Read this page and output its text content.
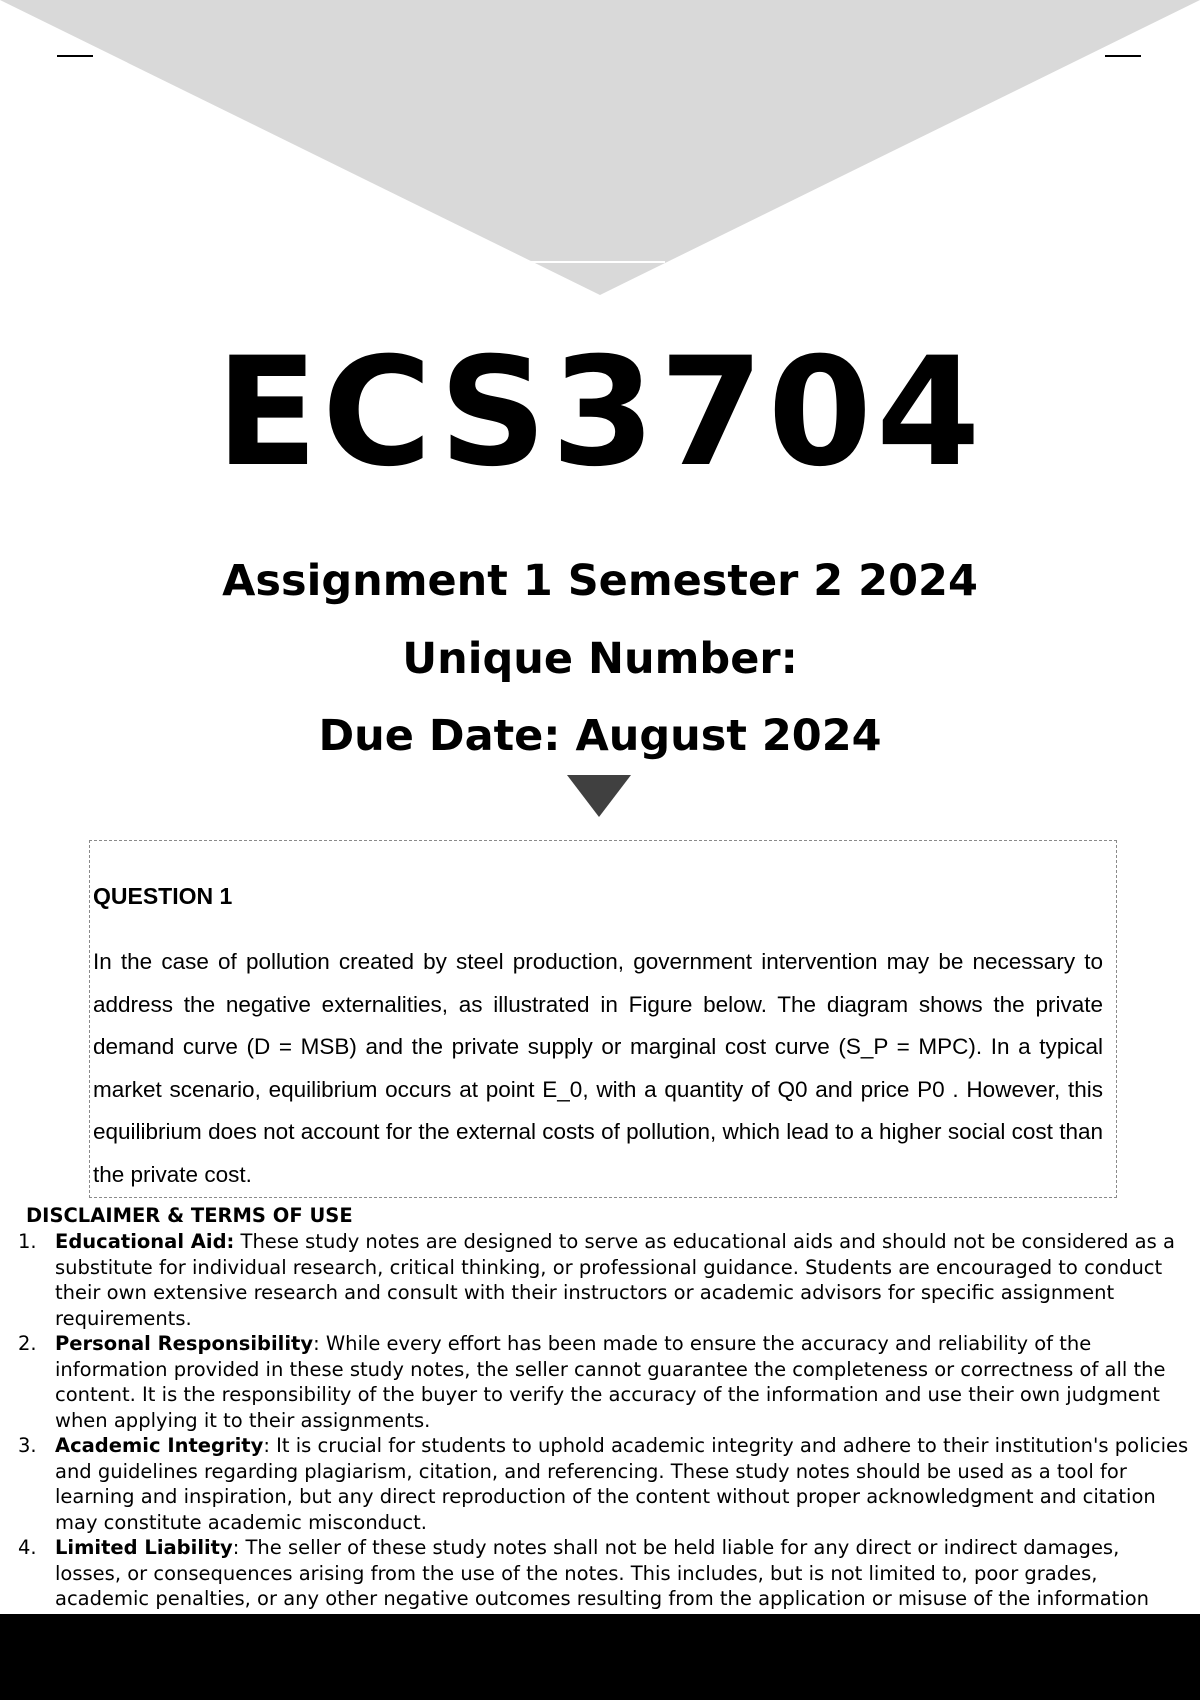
ECS3704
Assignment 1 Semester 2 2024
Unique Number:
Due Date: August 2024
QUESTION 1

In the case of pollution created by steel production, government intervention may be necessary to address the negative externalities, as illustrated in Figure below. The diagram shows the private demand curve (D = MSB) and the private supply or marginal cost curve (S_P = MPC). In a typical market scenario, equilibrium occurs at point E_0, with a quantity of Q0 and price P0 . However, this equilibrium does not account for the external costs of pollution, which lead to a higher social cost than the private cost.

DISCLAIMER & TERMS OF USE
1. Educational Aid: These study notes are designed to serve as educational aids and should not be considered as a substitute for individual research, critical thinking, or professional guidance. Students are encouraged to conduct their own extensive research and consult with their instructors or academic advisors for specific assignment requirements.
2. Personal Responsibility: While every effort has been made to ensure the accuracy and reliability of the information provided in these study notes, the seller cannot guarantee the completeness or correctness of all the content. It is the responsibility of the buyer to verify the accuracy of the information and use their own judgment when applying it to their assignments.
3. Academic Integrity: It is crucial for students to uphold academic integrity and adhere to their institution's policies and guidelines regarding plagiarism, citation, and referencing. These study notes should be used as a tool for learning and inspiration, but any direct reproduction of the content without proper acknowledgment and citation may constitute academic misconduct.
4. Limited Liability: The seller of these study notes shall not be held liable for any direct or indirect damages, losses, or consequences arising from the use of the notes. This includes, but is not limited to, poor grades, academic penalties, or any other negative outcomes resulting from the application or misuse of the information
